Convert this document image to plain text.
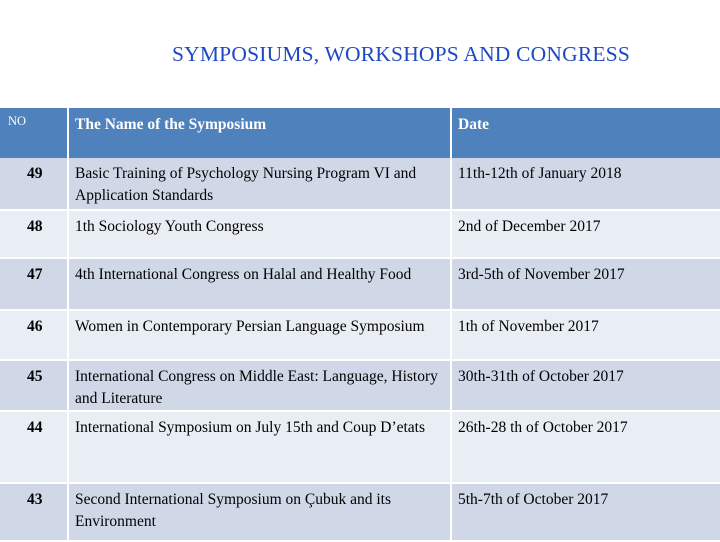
SYMPOSIUMS, WORKSHOPS AND CONGRESS
NO	The Name of the Symposium	Date
49	Basic Training of Psychology Nursing Program VI and Application Standards	11th-12th of January 2018
48	1th Sociology Youth Congress	2nd of December 2017
47	4th International Congress on Halal and Healthy Food	3rd-5th of November 2017
46	Women in Contemporary Persian Language Symposium	1th of November 2017
45	International Congress on Middle East: Language, History and Literature	30th-31th of October 2017
44	International Symposium on July 15th and Coup D’etats	26th-28 th of October 2017
43	Second International Symposium on Çubuk and its Environment	5th-7th of October 2017
